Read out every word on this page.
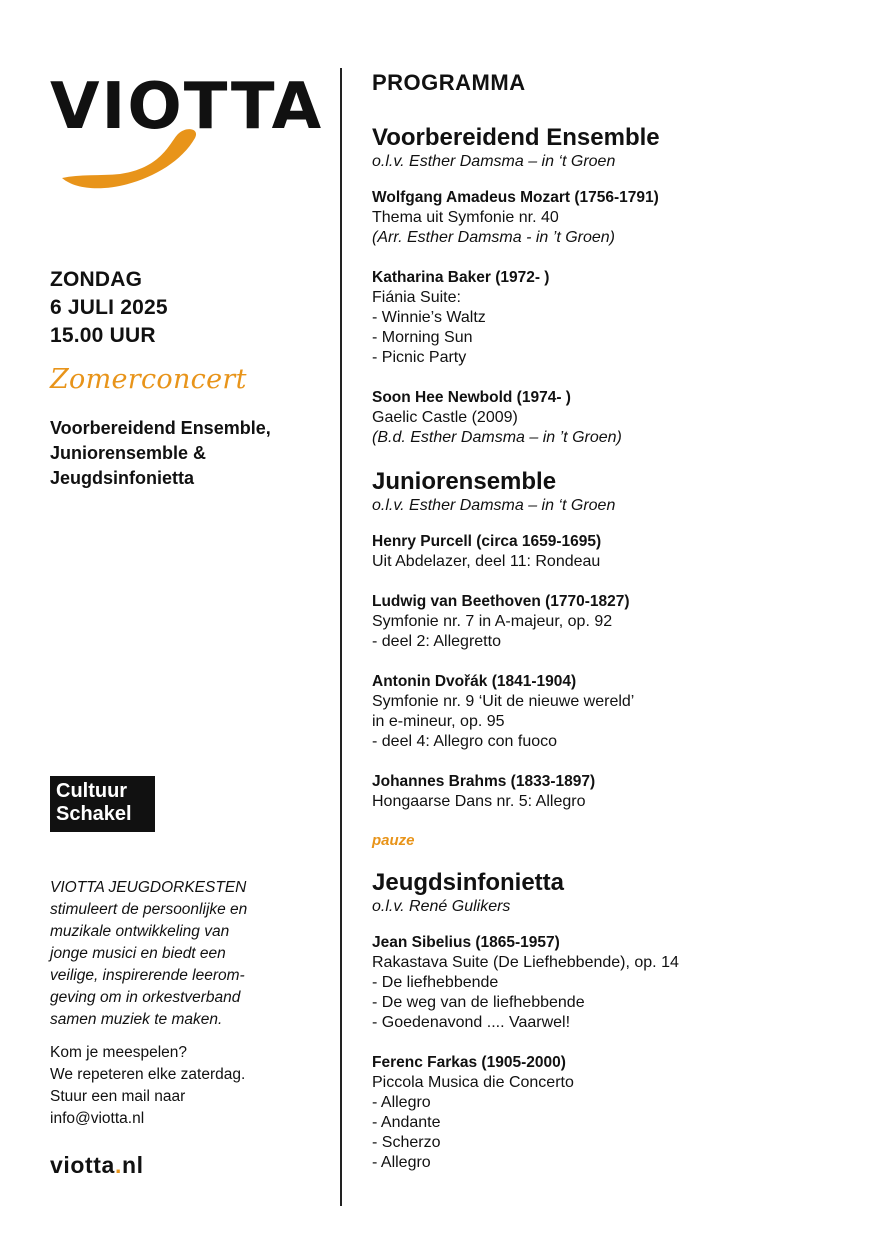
VIOTTA
ZONDAG
6 JULI 2025
15.00 UUR
Zomerconcert
Voorbereidend Ensemble,
Juniorensemble &
Jeugdsinfonietta
Cultuur
Schakel
VIOTTA JEUGDORKESTEN
stimuleert de persoonlijke en
muzikale ontwikkeling van
jonge musici en biedt een
veilige, inspirerende leerom-
geving om in orkestverband
samen muziek te maken.
Kom je meespelen?
We repeteren elke zaterdag.
Stuur een mail naar
info@viotta.nl
viotta.nl
PROGRAMMA
Voorbereidend Ensemble
o.l.v. Esther Damsma – in ‘t Groen
Wolfgang Amadeus Mozart (1756-1791)
Thema uit Symfonie nr. 40
(Arr. Esther Damsma - in ’t Groen)
Katharina Baker (1972- )
Fiánia Suite:
- Winnie’s Waltz
- Morning Sun
- Picnic Party
Soon Hee Newbold (1974- )
Gaelic Castle (2009)
(B.d. Esther Damsma – in ’t Groen)
Juniorensemble
o.l.v. Esther Damsma – in ‘t Groen
Henry Purcell (circa 1659-1695)
Uit Abdelazer, deel 11: Rondeau
Ludwig van Beethoven (1770-1827)
Symfonie nr. 7 in A-majeur, op. 92
- deel 2: Allegretto
Antonin Dvořák (1841-1904)
Symfonie nr. 9 ‘Uit de nieuwe wereld’
in e-mineur, op. 95
- deel 4: Allegro con fuoco
Johannes Brahms (1833-1897)
Hongaarse Dans nr. 5: Allegro
pauze
Jeugdsinfonietta
o.l.v. René Gulikers
Jean Sibelius (1865-1957)
Rakastava Suite (De Liefhebbende), op. 14
- De liefhebbende
- De weg van de liefhebbende
- Goedenavond .... Vaarwel!
Ferenc Farkas (1905-2000)
Piccola Musica die Concerto
- Allegro
- Andante
- Scherzo
- Allegro
